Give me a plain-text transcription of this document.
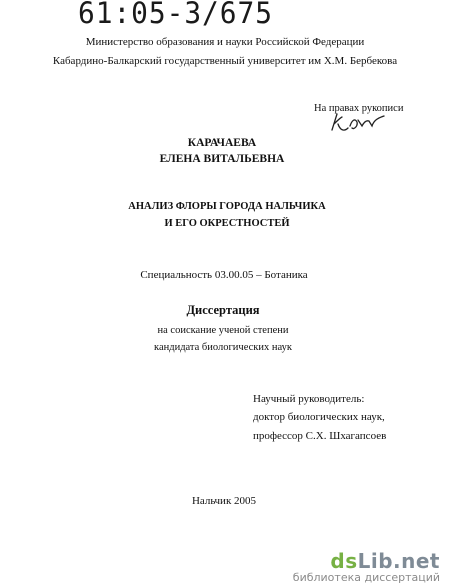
61:05-3/675
Министерство образования и науки Российской Федерации
Кабардино-Балкарский государственный университет им Х.М. Бербекова
На правах рукописи
КАРАЧАЕВА
ЕЛЕНА ВИТАЛЬЕВНА
АНАЛИЗ ФЛОРЫ ГОРОДА НАЛЬЧИКА
И ЕГО ОКРЕСТНОСТЕЙ
Специальность 03.00.05 – Ботаника
Диссертация
на соискание ученой степени
кандидата биологических наук
Научный руководитель:
доктор биологических наук,
профессор С.Х. Шхагапсоев
Нальчик 2005
dsLib.net
библиотека диссертаций
